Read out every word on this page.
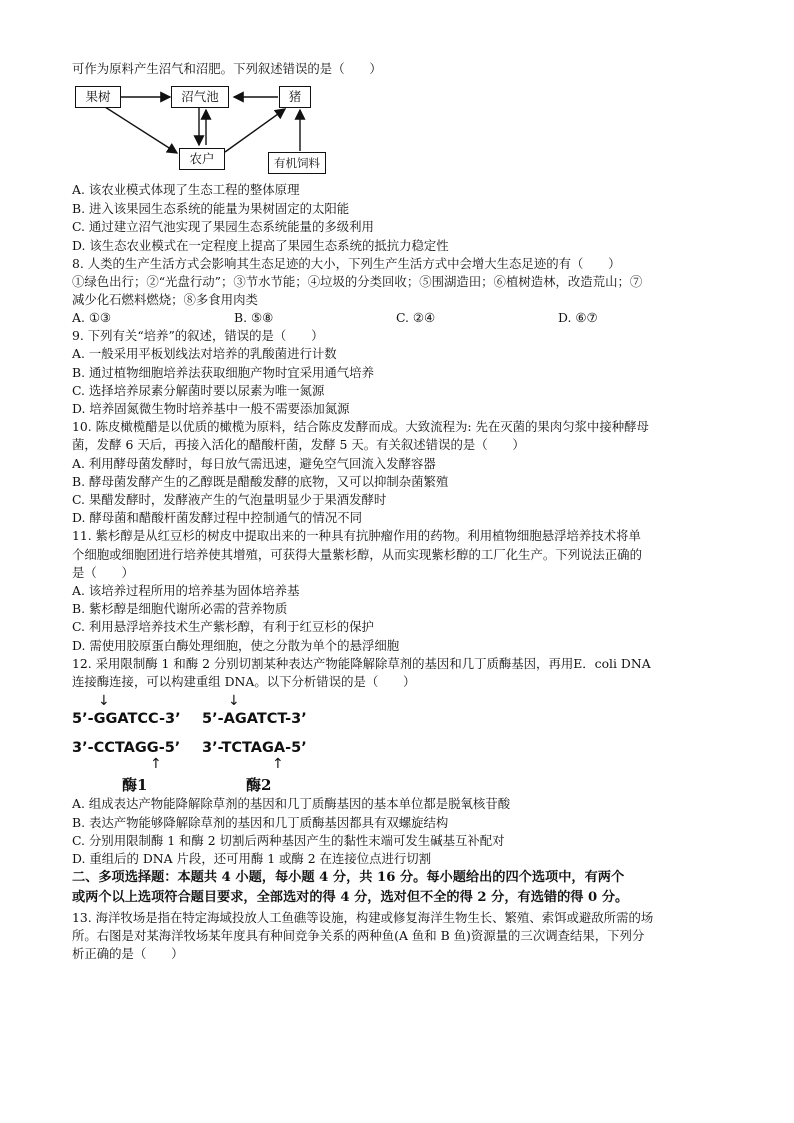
可作为原料产生沼气和沼肥。下列叙述错误的是（　　）
果树	沼气池	猪
农户	有机饲料
A. 该农业模式体现了生态工程的整体原理
B. 进入该果园生态系统的能量为果树固定的太阳能
C. 通过建立沼气池实现了果园生态系统能量的多级利用
D. 该生态农业模式在一定程度上提高了果园生态系统的抵抗力稳定性
8. 人类的生产生活方式会影响其生态足迹的大小，下列生产生活方式中会增大生态足迹的有（　　）
①绿色出行；②“光盘行动”；③节水节能；④垃圾的分类回收；⑤围湖造田；⑥植树造林，改造荒山；⑦
减少化石燃料燃烧；⑧多食用肉类
A. ①③	B. ⑤⑧	C. ②④	D. ⑥⑦
9. 下列有关“培养”的叙述，错误的是（　　）
A. 一般采用平板划线法对培养的乳酸菌进行计数
B. 通过植物细胞培养法获取细胞产物时宜采用通气培养
C. 选择培养尿素分解菌时要以尿素为唯一氮源
D. 培养固氮微生物时培养基中一般不需要添加氮源
10. 陈皮橄榄醋是以优质的橄榄为原料，结合陈皮发酵而成。大致流程为: 先在灭菌的果肉匀浆中接种酵母
菌，发酵 6 天后，再接入活化的醋酸杆菌，发酵 5 天。有关叙述错误的是（　　）
A. 利用酵母菌发酵时，每日放气需迅速，避免空气回流入发酵容器
B. 酵母菌发酵产生的乙醇既是醋酸发酵的底物，又可以抑制杂菌繁殖
C. 果醋发酵时，发酵液产生的气泡量明显少于果酒发酵时
D. 酵母菌和醋酸杆菌发酵过程中控制通气的情况不同
11. 紫杉醇是从红豆杉的树皮中提取出来的一种具有抗肿瘤作用的药物。利用植物细胞悬浮培养技术将单
个细胞或细胞团进行培养使其增殖，可获得大量紫杉醇，从而实现紫杉醇的工厂化生产。下列说法正确的
是（　　）
A. 该培养过程所用的培养基为固体培养基
B. 紫杉醇是细胞代谢所必需的营养物质
C. 利用悬浮培养技术生产紫杉醇，有利于红豆杉的保护
D. 需使用胶原蛋白酶处理细胞，使之分散为单个的悬浮细胞
12. 采用限制酶 1 和酶 2 分别切割某种表达产物能降解除草剂的基因和几丁质酶基因，再用E．coli DNA
连接酶连接，可以构建重组 DNA。以下分析错误的是（　　）
↓	↓
5’-GGATCC-3’ 5’-AGATCT-3’
3’-CCTAGG-5’ 3’-TCTAGA-5’
↑	↑
酶1	酶2
A. 组成表达产物能降解除草剂的基因和几丁质酶基因的基本单位都是脱氧核苷酸
B. 表达产物能够降解除草剂的基因和几丁质酶基因都具有双螺旋结构
C. 分别用限制酶 1 和酶 2 切割后两种基因产生的黏性末端可发生碱基互补配对
D. 重组后的 DNA 片段，还可用酶 1 或酶 2 在连接位点进行切割
二、多项选择题：本题共 4 小题，每小题 4 分，共 16 分。每小题给出的四个选项中，有两个
或两个以上选项符合题目要求，全部选对的得 4 分，选对但不全的得 2 分，有选错的得 0 分。
13. 海洋牧场是指在特定海域投放人工鱼礁等设施，构建或修复海洋生物生长、繁殖、索饵或避敌所需的场
所。右图是对某海洋牧场某年度具有种间竞争关系的两种鱼(A 鱼和 B 鱼)资源量的三次调查结果，下列分
析正确的是（　　）
